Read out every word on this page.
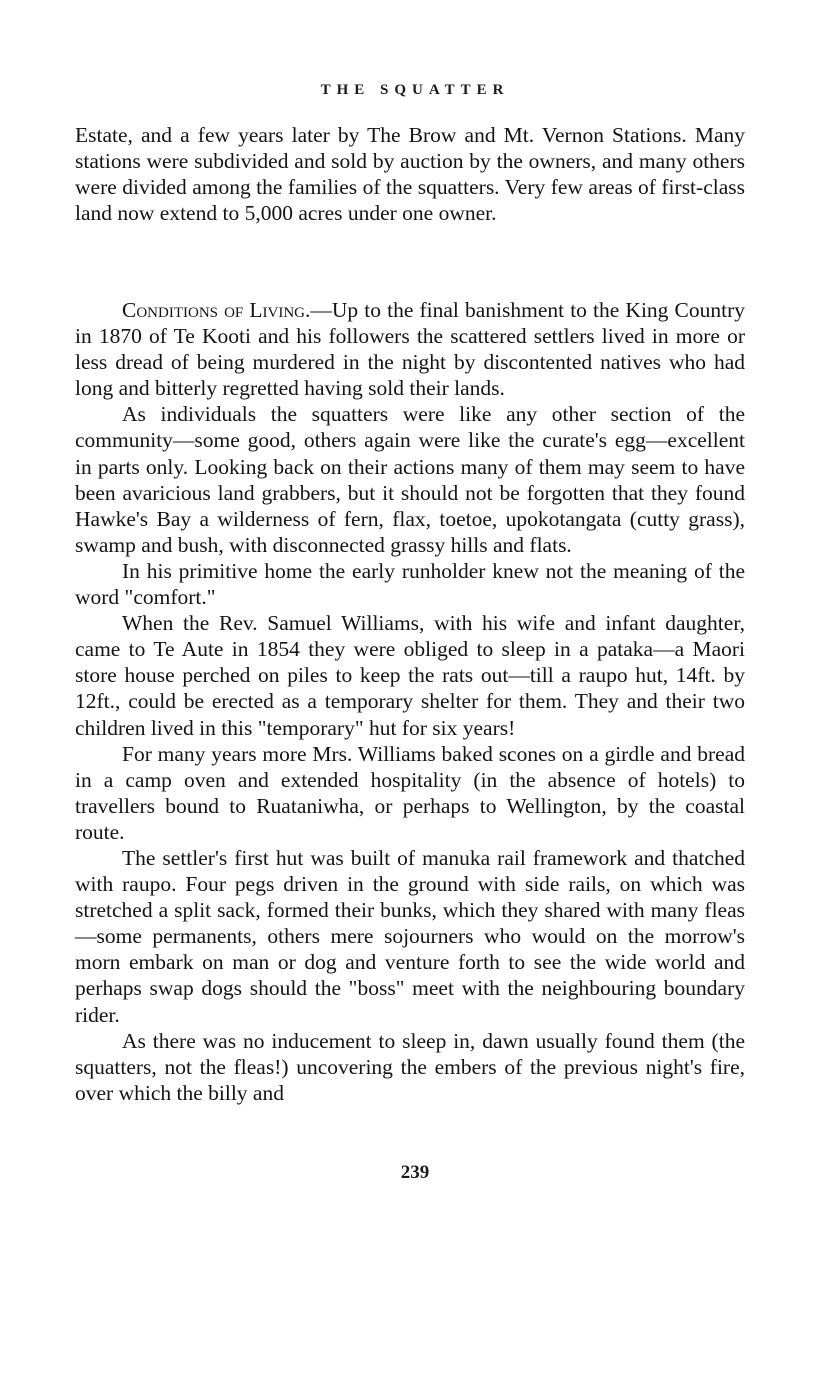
THE SQUATTER

Estate, and a few years later by The Brow and Mt. Vernon Stations. Many stations were subdivided and sold by auction by the owners, and many others were divided among the families of the squatters. Very few areas of first-class land now extend to 5,000 acres under one owner.

Conditions of Living.—Up to the final banishment to the King Country in 1870 of Te Kooti and his followers the scattered settlers lived in more or less dread of being murdered in the night by discontented natives who had long and bitterly regretted having sold their lands.

As individuals the squatters were like any other section of the community—some good, others again were like the curate's egg—excellent in parts only. Looking back on their actions many of them may seem to have been avaricious land grabbers, but it should not be forgotten that they found Hawke's Bay a wilderness of fern, flax, toetoe, upokotangata (cutty grass), swamp and bush, with disconnected grassy hills and flats.

In his primitive home the early runholder knew not the meaning of the word "comfort."

When the Rev. Samuel Williams, with his wife and infant daughter, came to Te Aute in 1854 they were obliged to sleep in a pataka—a Maori store house perched on piles to keep the rats out—till a raupo hut, 14ft. by 12ft., could be erected as a temporary shelter for them. They and their two children lived in this "temporary" hut for six years!

For many years more Mrs. Williams baked scones on a girdle and bread in a camp oven and extended hospitality (in the absence of hotels) to travellers bound to Ruataniwha, or perhaps to Wellington, by the coastal route.

The settler's first hut was built of manuka rail framework and thatched with raupo. Four pegs driven in the ground with side rails, on which was stretched a split sack, formed their bunks, which they shared with many fleas—some permanents, others mere sojourners who would on the morrow's morn embark on man or dog and venture forth to see the wide world and perhaps swap dogs should the "boss" meet with the neighbouring boundary rider.

As there was no inducement to sleep in, dawn usually found them (the squatters, not the fleas!) uncovering the embers of the previous night's fire, over which the billy and

239
